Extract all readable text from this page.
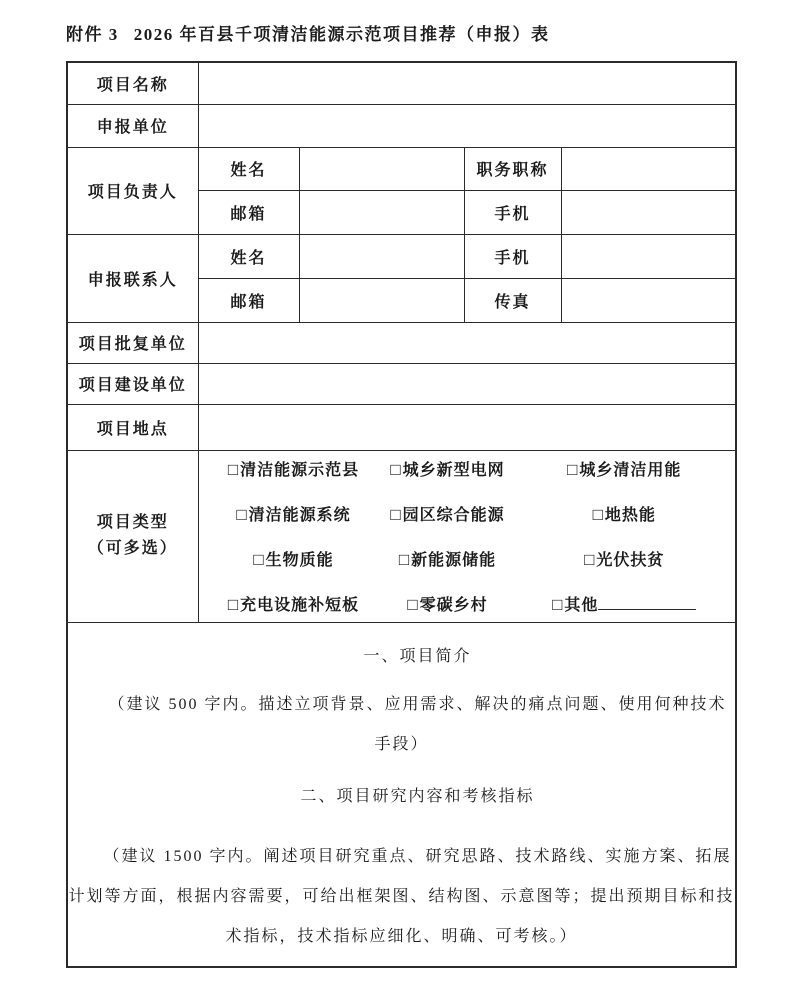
附件 3 2026 年百县千项清洁能源示范项目推荐（申报）表
项目名称				
申报单位				
项目负责人	姓名		职务职称	
	邮箱		手机	
申报联系人	姓名		手机	
	邮箱		传真	
项目批复单位				
项目建设单位				
项目地点				

项目类型
（可多选）

□清洁能源示范县	□城乡新型电网	□城乡清洁用能
□清洁能源系统	□园区综合能源	□地热能
□生物质能	□新能源储能	□光伏扶贫
□充电设施补短板	□零碳乡村	□其他

一、项目简介

（建议 500 字内。描述立项背景、应用需求、解决的痛点问题、使用何种技术手段）

二、项目研究内容和考核指标

（建议 1500 字内。阐述项目研究重点、研究思路、技术路线、实施方案、拓展计划等方面，根据内容需要，可给出框架图、结构图、示意图等；提出预期目标和技术指标，技术指标应细化、明确、可考核。）				
